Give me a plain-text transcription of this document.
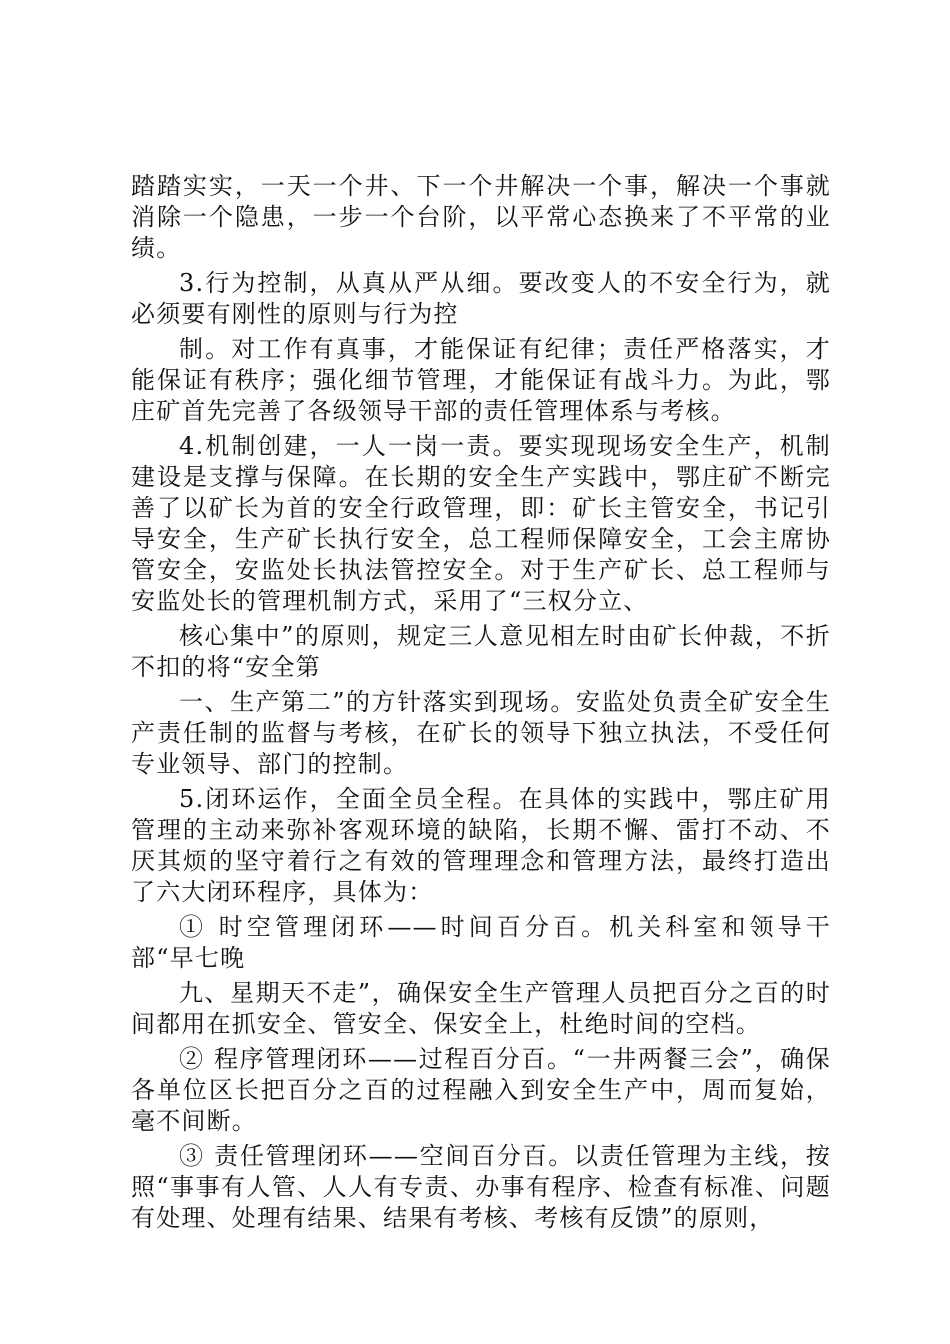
踏踏实实，一天一个井、下一个井解决一个事，解决一个事就消除一个隐患，一步一个台阶，以平常心态换来了不平常的业绩。

3.行为控制，从真从严从细。要改变人的不安全行为，就必须要有刚性的原则与行为控

制。对工作有真事，才能保证有纪律；责任严格落实，才能保证有秩序；强化细节管理，才能保证有战斗力。为此，鄂庄矿首先完善了各级领导干部的责任管理体系与考核。

4.机制创建，一人一岗一责。要实现现场安全生产，机制建设是支撑与保障。在长期的安全生产实践中，鄂庄矿不断完善了以矿长为首的安全行政管理，即：矿长主管安全，书记引导安全，生产矿长执行安全，总工程师保障安全，工会主席协管安全，安监处长执法管控安全。对于生产矿长、总工程师与安监处长的管理机制方式，采用了“三权分立、

核心集中”的原则，规定三人意见相左时由矿长仲裁，不折不扣的将“安全第

一、生产第二”的方针落实到现场。安监处负责全矿安全生产责任制的监督与考核，在矿长的领导下独立执法，不受任何专业领导、部门的控制。

5.闭环运作，全面全员全程。在具体的实践中，鄂庄矿用管理的主动来弥补客观环境的缺陷，长期不懈、雷打不动、不厌其烦的坚守着行之有效的管理理念和管理方法，最终打造出了六大闭环程序，具体为：

① 时空管理闭环——时间百分百。机关科室和领导干部“早七晚

九、星期天不走”，确保安全生产管理人员把百分之百的时间都用在抓安全、管安全、保安全上，杜绝时间的空档。

② 程序管理闭环——过程百分百。“一井两餐三会”，确保各单位区长把百分之百的过程融入到安全生产中，周而复始，毫不间断。

③ 责任管理闭环——空间百分百。以责任管理为主线，按照“事事有人管、人人有专责、办事有程序、检查有标准、问题有处理、处理有结果、结果有考核、考核有反馈”的原则，
